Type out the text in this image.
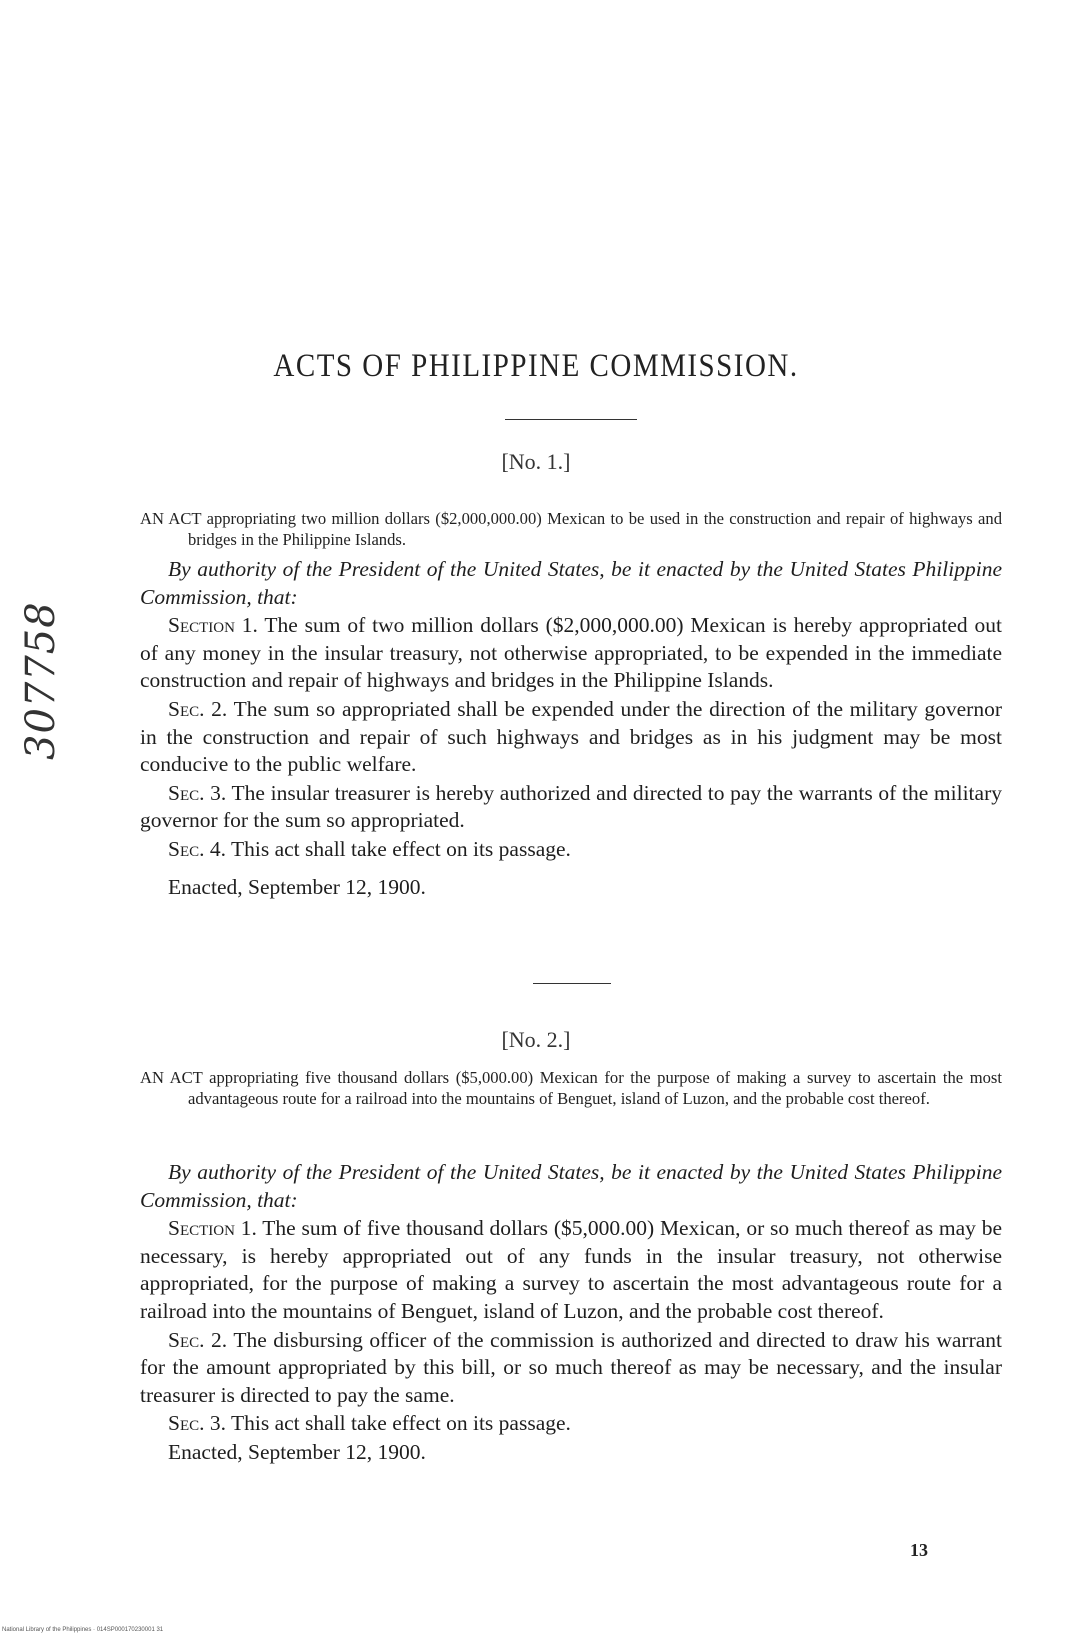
307758
ACTS OF PHILIPPINE COMMISSION.
[No. 1.]

AN ACT appropriating two million dollars ($2,000,000.00) Mexican to be used in the construction and repair of highways and bridges in the Philippine Islands.

By authority of the President of the United States, be it enacted by the United States Philippine Commission, that:

Section 1. The sum of two million dollars ($2,000,000.00) Mexican is hereby appropriated out of any money in the insular treasury, not otherwise appropriated, to be expended in the immediate construction and repair of highways and bridges in the Philippine Islands.

Sec. 2. The sum so appropriated shall be expended under the direction of the military governor in the construction and repair of such highways and bridges as in his judgment may be most conducive to the public welfare.

Sec. 3. The insular treasurer is hereby authorized and directed to pay the warrants of the military governor for the sum so appropriated.

Sec. 4. This act shall take effect on its passage.

Enacted, September 12, 1900.

[No. 2.]

AN ACT appropriating five thousand dollars ($5,000.00) Mexican for the purpose of making a survey to ascertain the most advantageous route for a railroad into the mountains of Benguet, island of Luzon, and the probable cost thereof.

By authority of the President of the United States, be it enacted by the United States Philippine Commission, that:

Section 1. The sum of five thousand dollars ($5,000.00) Mexican, or so much thereof as may be necessary, is hereby appropriated out of any funds in the insular treasury, not otherwise appropriated, for the purpose of making a survey to ascertain the most advantageous route for a railroad into the mountains of Benguet, island of Luzon, and the probable cost thereof.

Sec. 2. The disbursing officer of the commission is authorized and directed to draw his warrant for the amount appropriated by this bill, or so much thereof as may be necessary, and the insular treasurer is directed to pay the same.

Sec. 3. This act shall take effect on its passage.

Enacted, September 12, 1900.

13
National Library of the Philippines · 014SP000170230001 31
